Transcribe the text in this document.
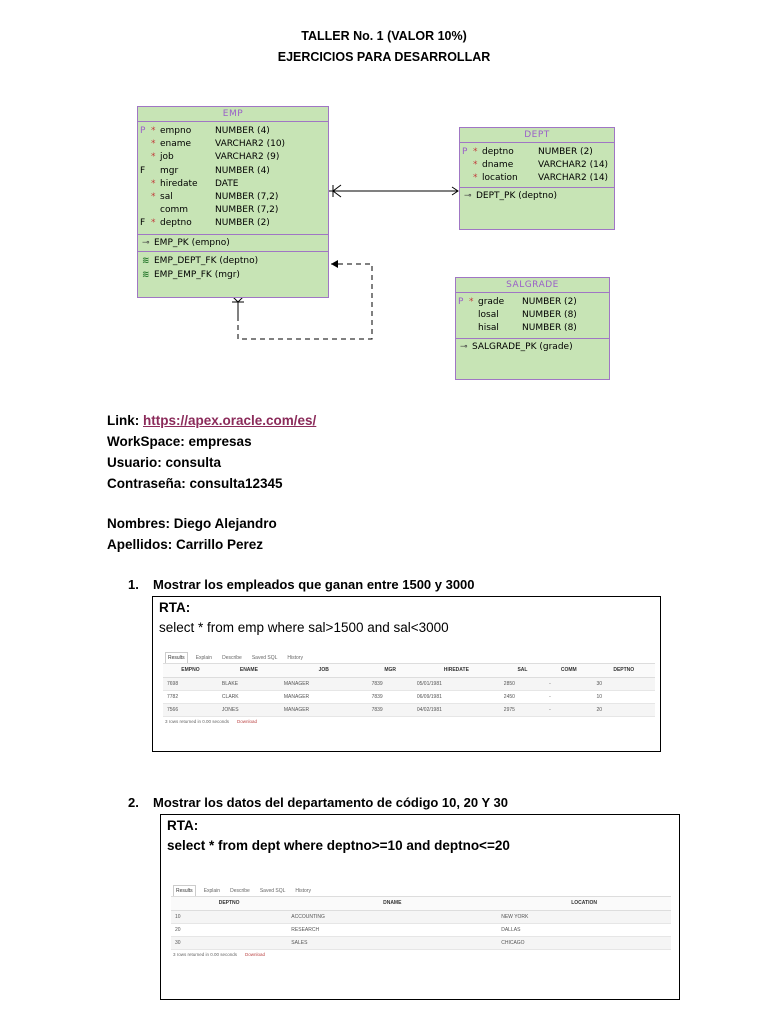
TALLER No. 1 (VALOR 10%)
EJERCICIOS PARA DESARROLLAR
EMP
P * empno	NUMBER (4)
* ename	VARCHAR2 (10)
* job	VARCHAR2 (9)
F mgr	NUMBER (4)
* hiredate DATE
* sal	NUMBER (7,2)
comm	NUMBER (7,2)
F * deptno	NUMBER (2)
⊸ EMP_PK (empno)
≋ EMP_DEPT_FK (deptno)
≋ EMP_EMP_FK (mgr)
DEPT
P * deptno	NUMBER (2)
* dname	VARCHAR2 (14)
* location VARCHAR2 (14)
⊸ DEPT_PK (deptno)
SALGRADE
P * grade NUMBER (2)
losal	NUMBER (8)
hisal	NUMBER (8)
⊸ SALGRADE_PK (grade)
Link: https://apex.oracle.com/es/
WorkSpace: empresas
Usuario: consulta
Contraseña: consulta12345
Nombres: Diego Alejandro
Apellidos: Carrillo Perez
1. Mostrar los empleados que ganan entre 1500 y 3000
RTA:
select * from emp where sal>1500 and sal<3000
Results	Explain	Describe	Saved SQL	History
EMPNO	ENAME	JOB	MGR	HIREDATE	SAL	COMM	DEPTNO
7698	BLAKE	MANAGER	7839	05/01/1981	2850	-	30
7782	CLARK	MANAGER	7839	06/09/1981	2450	-	10
7566	JONES	MANAGER	7839	04/02/1981	2975	-	20
3 rows returned in 0.00 seconds Download
2. Mostrar los datos del departamento de código 10, 20 Y 30
RTA:
select * from dept where deptno>=10 and deptno<=20
Results	Explain	Describe	Saved SQL	History
DEPTNO	DNAME	LOCATION
10	ACCOUNTING	NEW YORK
20	RESEARCH	DALLAS
30	SALES	CHICAGO
3 rows returned in 0.00 seconds Download
